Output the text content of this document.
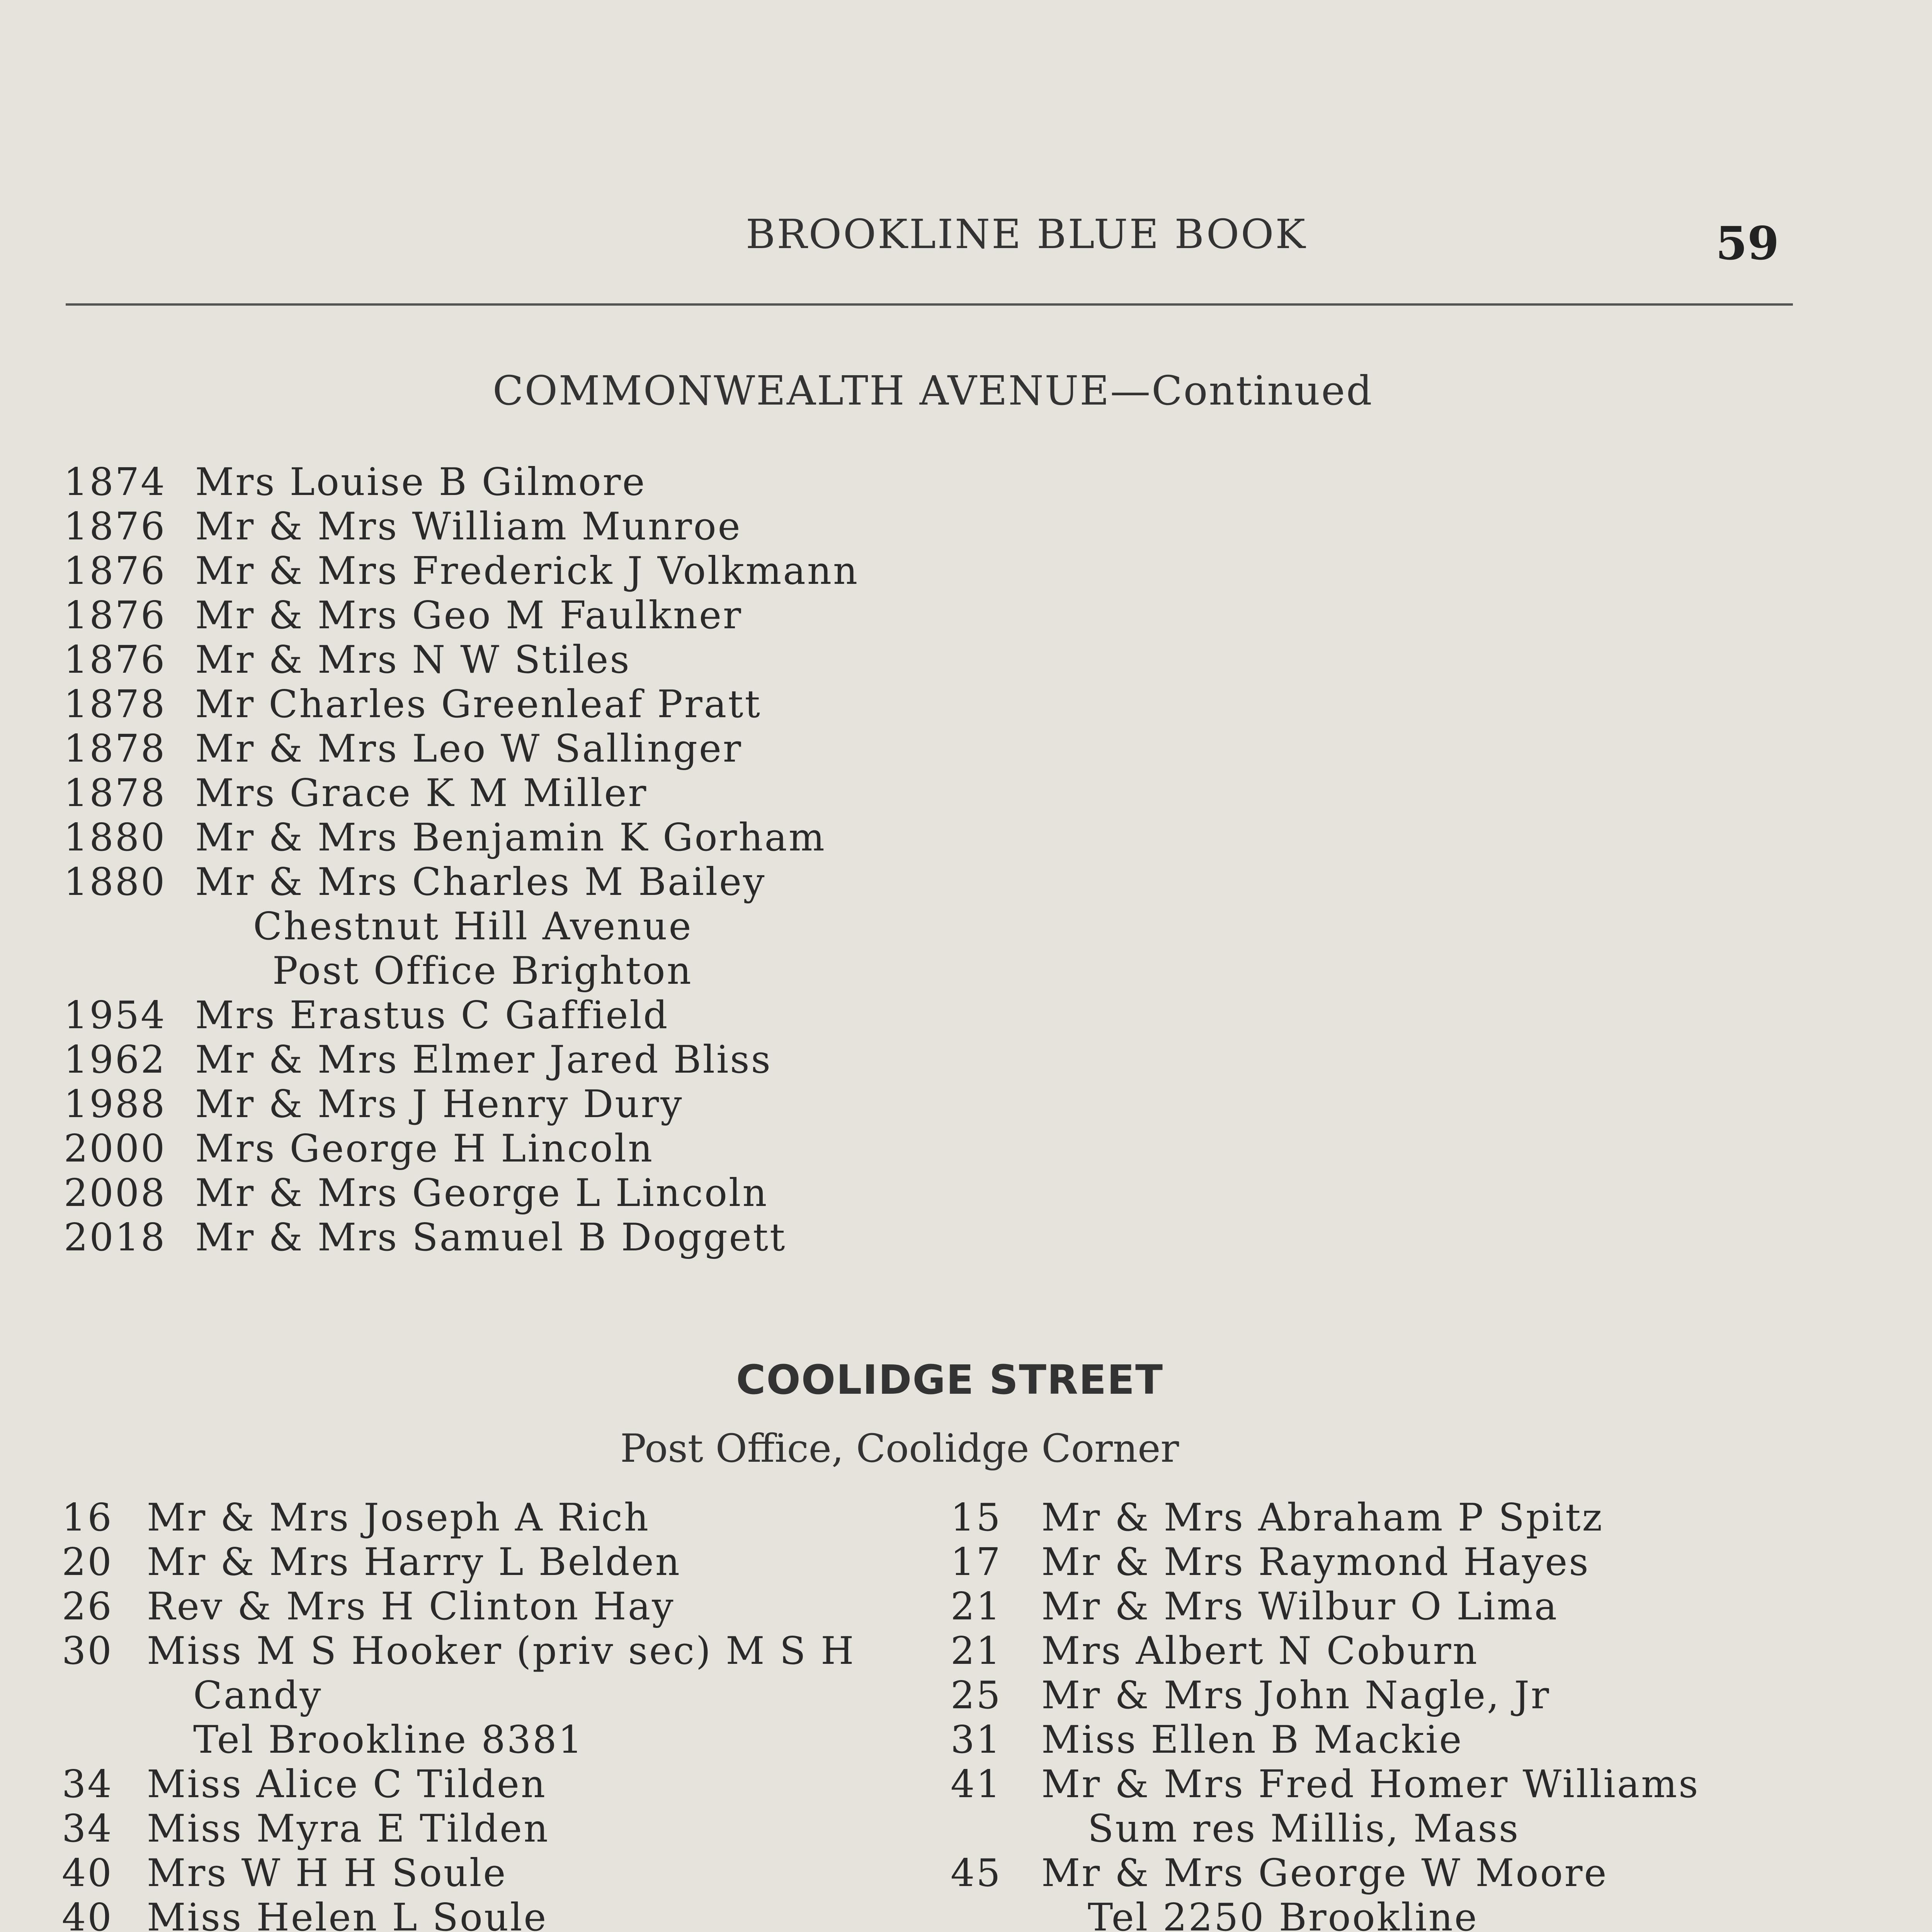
BROOKLINE BLUE BOOK	59
COMMONWEALTH AVENUE—Continued
1874 Mrs Louise B Gilmore
1876 Mr & Mrs William Munroe
1876 Mr & Mrs Frederick J Volkmann
1876 Mr & Mrs Geo M Faulkner
1876 Mr & Mrs N W Stiles
1878 Mr Charles Greenleaf Pratt
1878 Mr & Mrs Leo W Sallinger
1878 Mrs Grace K M Miller
1880 Mr & Mrs Benjamin K Gorham
1880 Mr & Mrs Charles M Bailey
Chestnut Hill Avenue
Post Office Brighton
1954 Mrs Erastus C Gaffield
1962 Mr & Mrs Elmer Jared Bliss
1988 Mr & Mrs J Henry Dury
2000 Mrs George H Lincoln
2008 Mr & Mrs George L Lincoln
2018 Mr & Mrs Samuel B Doggett
COOLIDGE STREET
Post Office, Coolidge Corner
16 Mr & Mrs Joseph A Rich
20 Mr & Mrs Harry L Belden
26 Rev & Mrs H Clinton Hay
30 Miss M S Hooker (priv sec) M S H
Candy
Tel Brookline 8381
34 Miss Alice C Tilden
34 Miss Myra E Tilden
40 Mrs W H H Soule
40 Miss Helen L Soule
15	Mr & Mrs Abraham P Spitz
17	Mr & Mrs Raymond Hayes
21	Mr & Mrs Wilbur O Lima
21	Mrs Albert N Coburn
25	Mr & Mrs John Nagle, Jr
31	Miss Ellen B Mackie
41	Mr & Mrs Fred Homer Williams
Sum res Millis, Mass
45	Mr & Mrs George W Moore
Tel 2250 Brookline
